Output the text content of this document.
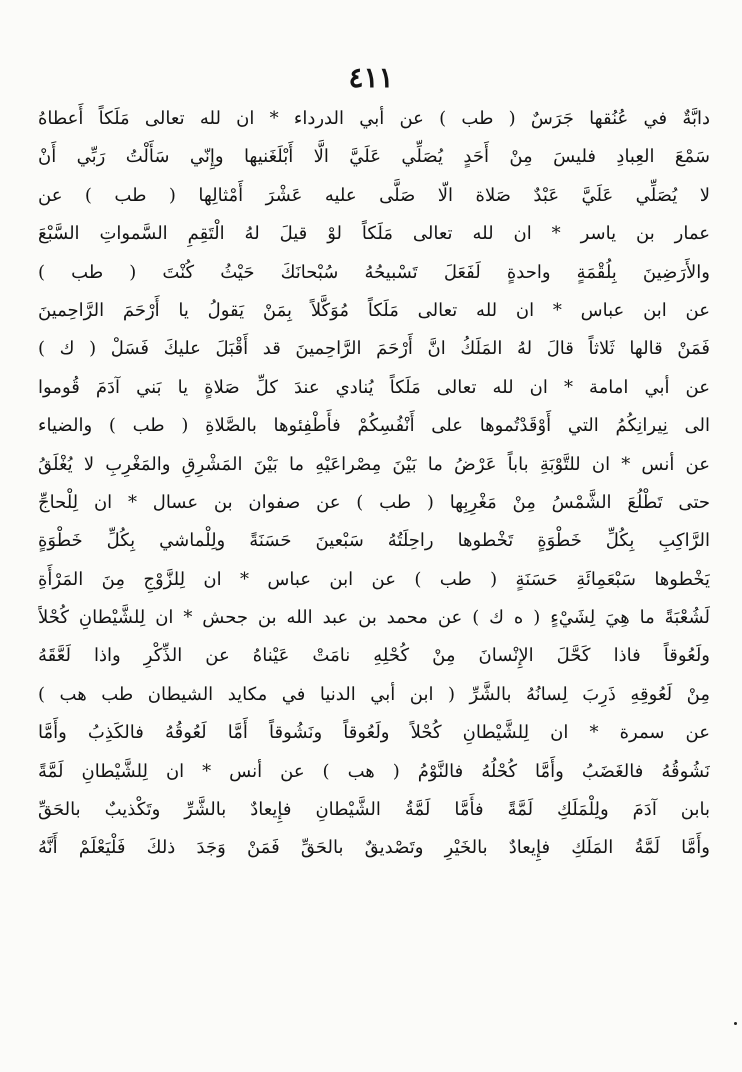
٤١١
دابَّةٌ في عُنُقها جَرَسٌ ( طب ) عن أبي الدرداء * ان لله تعالى مَلَكاً أَعطاهُ
سَمْعَ العِبادِ فليسَ مِنْ أَحَدٍ يُصَلِّي عَلَيَّ الَّا أَبْلَغَنيها وإِنّي سَأَلْتُ رَبِّي أَنْ
لا يُصَلِّي عَلَيَّ عَبْدٌ صَلاة الّا صَلَّى عليه عَشْرَ أَمْثالِها ( طب ) عن
عمار بن ياسر * ان لله تعالى مَلَكاً لوْ قيلَ لهُ الْتَقِمِ السَّمواتِ السَّبْعَ
والأَرَضِينَ بِلُقْمَةٍ واحدةٍ لَفَعَلَ تَسْبيحُهُ سُبْحانَكَ حَيْثُ كُنْتَ ( طب )
عن ابن عباس * ان لله تعالى مَلَكاً مُوَكَّلاً بِمَنْ يَقولُ يا أَرْحَمَ الرَّاحِمينَ
فَمَنْ قالها ثَلاثاً قالَ لهُ المَلَكُ انَّ أَرْحَمَ الرَّاحِمينَ قد أَقْبَلَ عليكَ فَسَلْ ( ك )
عن أبي امامة * ان لله تعالى مَلَكاً يُنادي عندَ كلِّ صَلاةٍ يا بَني آدَمَ قُوموا
الى نِيرانِكُمُ التي أَوْقَدْتُموها على أَنْفُسِكُمْ فأَطْفِئوها بالصَّلاةِ ( طب ) والضياء
عن أنس * ان للتَّوْبَةِ باباً عَرْضُ ما بَيْنَ مِصْراعَيْهِ ما بَيْنَ المَشْرِقِ والمَغْرِبِ لا يُغْلَقُ
حتى تَطْلُعَ الشَّمْسُ مِنْ مَغْرِبِها ( طب ) عن صفوان بن عسال * ان لِلْحاجِّ
الرَّاكِبِ بِكُلِّ خَطْوَةٍ تَخْطوها راحِلَتُهُ سَبْعينَ حَسَنَةً ولِلْماشي بِكُلِّ خَطْوَةٍ
يَخْطوها سَبْعَمِائَةِ حَسَنَةٍ ( طب ) عن ابن عباس * ان لِلزَّوْجِ مِنَ المَرْأَةِ
لَشُعْبَةً ما هِيَ لِشَيْءٍ ( ه ك ) عن محمد بن عبد الله بن جحش * ان لِلشَّيْطانِ كُحْلاً
ولَعُوقاً فاذا كَحَّلَ الإِنْسانَ مِنْ كُحْلِهِ نامَتْ عَيْناهُ عن الذِّكْرِ واذا لَعَّقَهُ
مِنْ لَعُوقِهِ ذَرِبَ لِسانُهُ بالشَّرِّ ( ابن أبي الدنيا في مكايد الشيطان طب هب )
عن سمرة * ان لِلشَّيْطانِ كُحْلاً ولَعُوقاً ونَشُوقاً أَمَّا لَعُوقُهُ فالكَذِبُ وأَمَّا
نَشُوقُهُ فالغَضَبُ وأَمَّا كُحْلُهُ فالنَّوْمُ ( هب ) عن أنس * ان لِلشَّيْطانِ لَمَّةً
بابن آدَمَ ولِلْمَلَكِ لَمَّةً فأَمَّا لَمَّةُ الشَّيْطانِ فإِيعادٌ بالشَّرِّ وتَكْذيبٌ بالحَقِّ
وأَمَّا لَمَّةُ المَلَكِ فإِيعادٌ بالخَيْرِ وتَصْديقٌ بالحَقِّ فَمَنْ وَجَدَ ذلكَ فَلْيَعْلَمْ أَنَّهُ
